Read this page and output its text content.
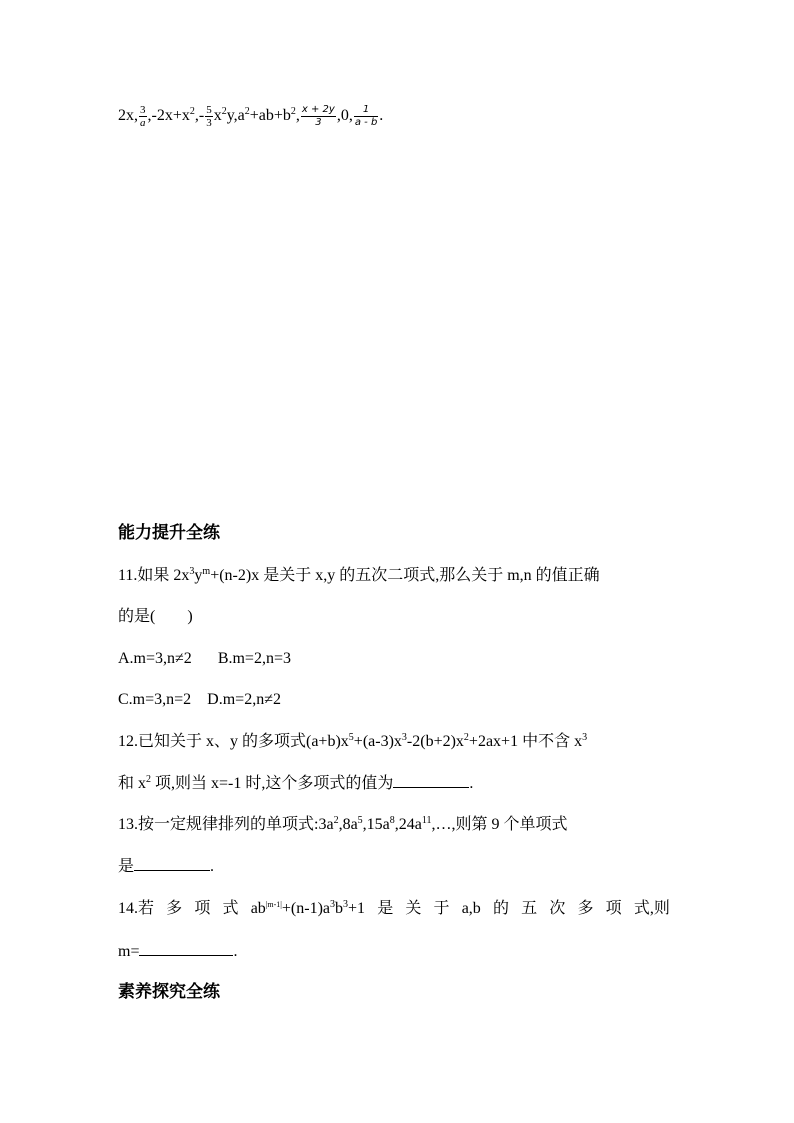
2x, $\frac{3}{a} ,-2x+x^2,- \frac{5}{3} x^2y,a^2+ab+b^2$, $\frac{x + 2y}{3} ,0$, $\frac{1}{a - b}$ .
能力提升全练
11.如果 $2x^3y^m+(n-2)x$ 是关于 x,y 的五次二项式,那么关于 m,n 的值正确
的是(　　)
A.m=3,n≠2 B.m=2,n=3
C.m=3,n=2 D.m=2,n≠2
12.已知关于 x、y 的多项式$(a+b)x^5+(a-3)x^3-2(b+2)x^2+2ax+1$ 中不含 $x^3$
和 $x^2$ 项,则当 x=-1 时,这个多项式的值为	.
13.按一定规律排列的单项式$:3a^2,8a^5,15a^8,24a^{11},\dots$,则第 9 个单项式
是	.
14.若 多 项 式 $ab^{|m-1|}+(n-1)a^3b^3+1$ 是 关 于 a,b 的 五 次 多 项 式,则
m=	.
素养探究全练
